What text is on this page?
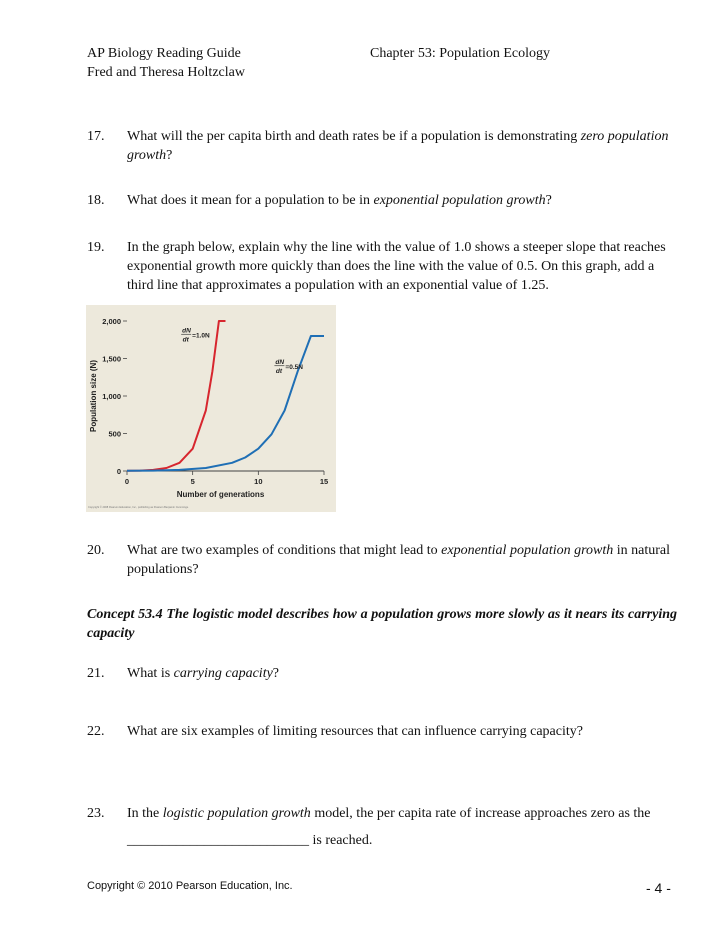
AP Biology Reading Guide
Fred and Theresa Holtzclaw
Chapter 53: Population Ecology
17. What will the per capita birth and death rates be if a population is demonstrating zero population growth?
18. What does it mean for a population to be in exponential population growth?
19. In the graph below, explain why the line with the value of 1.0 shows a steeper slope that reaches exponential growth more quickly than does the line with the value of 0.5. On this graph, add a third line that approximates a population with an exponential value of 1.25.
0
500
1,000
1,500
2,000
0	5	10	15
dN
dt
=1.0N
dN
dt
=0.5N
Population size (N)
Number of generations
Copyright © 2008 Pearson Education, Inc., publishing as Pearson Benjamin Cummings.
20. What are two examples of conditions that might lead to exponential population growth in natural populations?
Concept 53.4 The logistic model describes how a population grows more slowly as it nears its carrying capacity
21. What is carrying capacity?
22. What are six examples of limiting resources that can influence carrying capacity?
23. In the logistic population growth model, the per capita rate of increase approaches zero as the
__________________________ is reached.
Copyright © 2010 Pearson Education, Inc.	- 4 -
